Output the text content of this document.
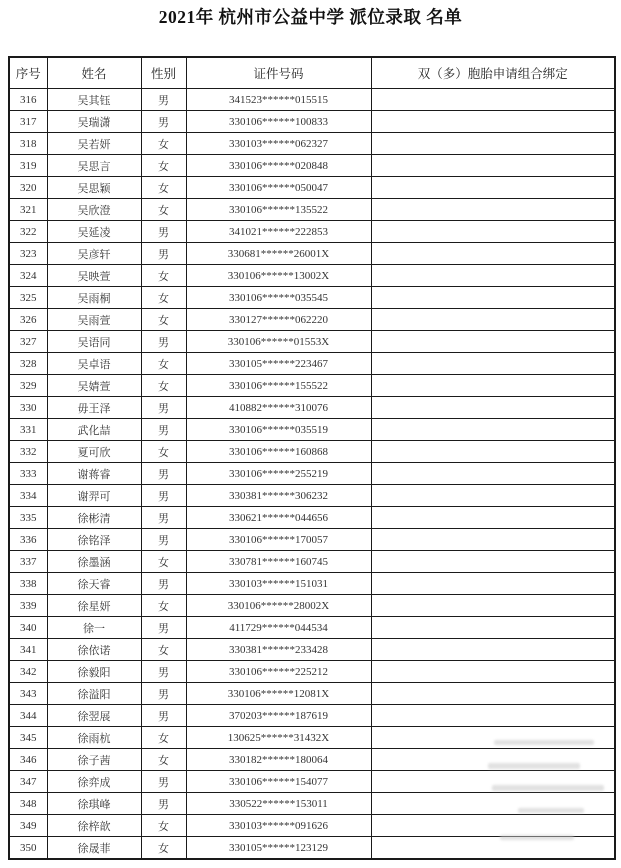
2021年 杭州市公益中学 派位录取 名单
序号	姓名	性别	证件号码	双（多）胞胎申请组合绑定
316	吴其钰	男	341523******015515	
317	吴瑞潇	男	330106******100833	
318	吴若妍	女	330103******062327	
319	吴思言	女	330106******020848	
320	吴思颖	女	330106******050047	
321	吴欣澄	女	330106******135522	
322	吴延凌	男	341021******222853	
323	吴彦轩	男	330681******26001X	
324	吴映萱	女	330106******13002X	
325	吴雨桐	女	330106******035545	
326	吴雨萱	女	330127******062220	
327	吴语同	男	330106******01553X	
328	吴卓语	女	330105******223467	
329	吴婧萱	女	330106******155522	
330	毋王泽	男	410882******310076	
331	武化喆	男	330106******035519	
332	夏可欣	女	330106******160868	
333	谢蒋睿	男	330106******255219	
334	谢羿可	男	330381******306232	
335	徐彬清	男	330621******044656	
336	徐铭泽	男	330106******170057	
337	徐墨涵	女	330781******160745	
338	徐天睿	男	330103******151031	
339	徐星妍	女	330106******28002X	
340	徐一	男	411729******044534	
341	徐依诺	女	330381******233428	
342	徐毅阳	男	330106******225212	
343	徐溢阳	男	330106******12081X	
344	徐翌展	男	370203******187619	
345	徐雨杭	女	130625******31432X	
346	徐子茜	女	330182******180064	
347	徐弈成	男	330106******154077	
348	徐琪峰	男	330522******153011	
349	徐梓歆	女	330103******091626	
350	徐晟菲	女	330105******123129	
